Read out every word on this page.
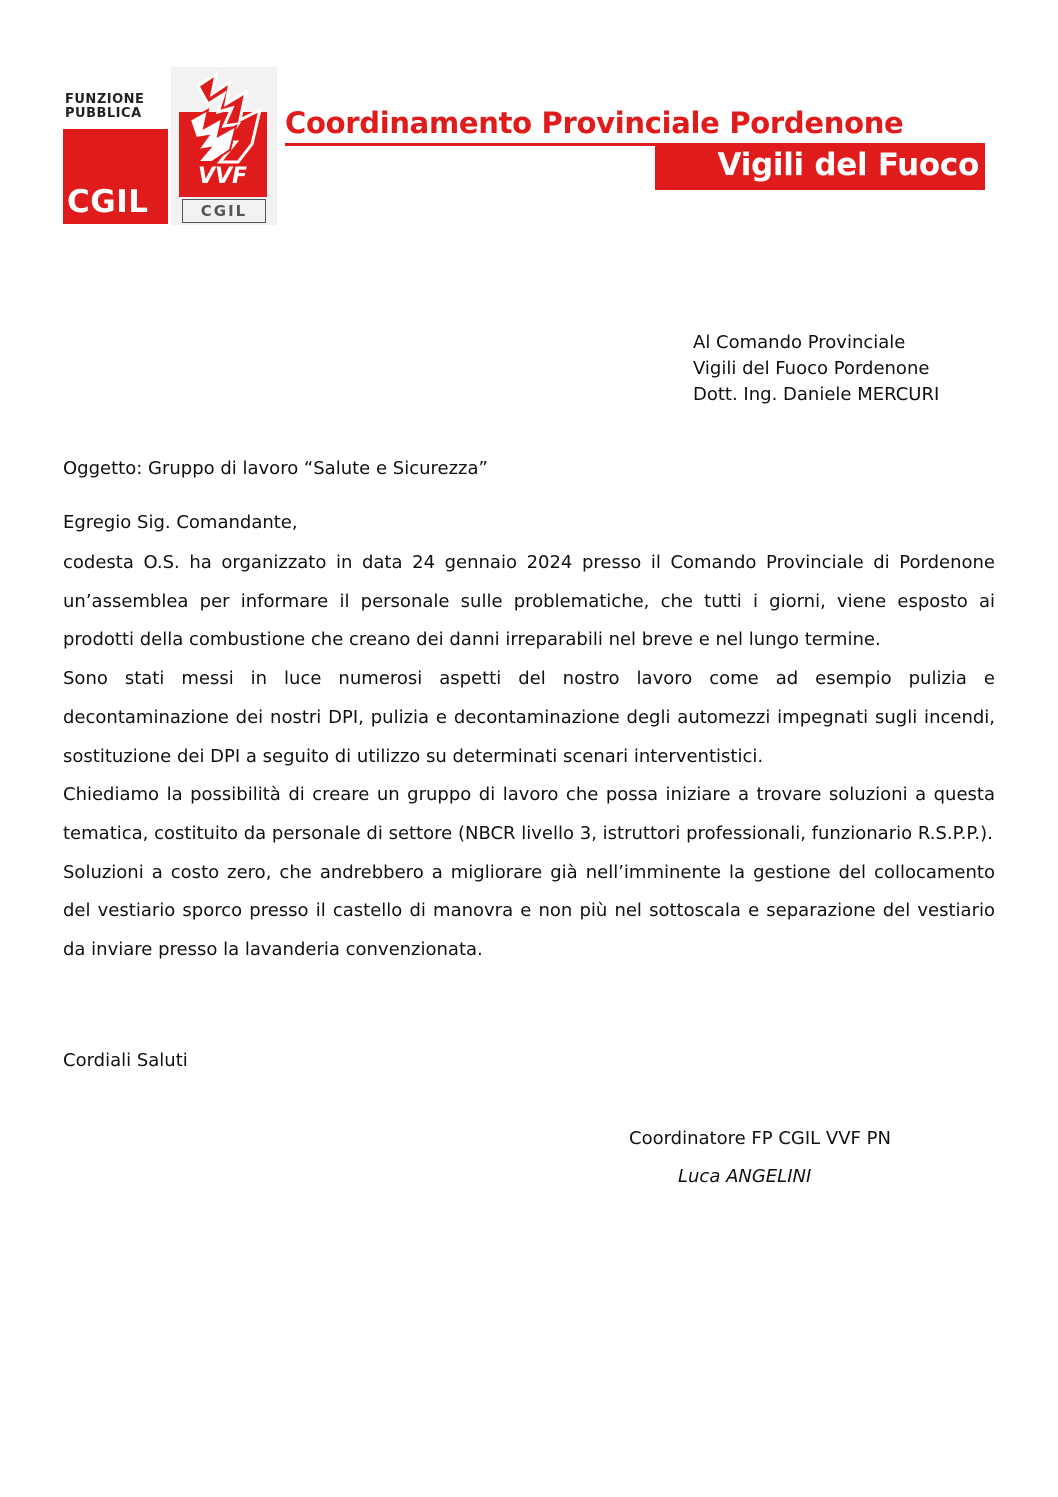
FUNZIONE
PUBBLICA
CGIL
VVF
CGIL
Coordinamento Provinciale Pordenone
Vigili del Fuoco
Al Comando Provinciale
Vigili del Fuoco Pordenone
Dott. Ing. Daniele MERCURI
Oggetto: Gruppo di lavoro “Salute e Sicurezza”
Egregio Sig. Comandante,

codesta O.S. ha organizzato in data 24 gennaio 2024 presso il Comando Provinciale di Pordenone un’assemblea per informare il personale sulle problematiche, che tutti i giorni, viene esposto ai prodotti della combustione che creano dei danni irreparabili nel breve e nel lungo termine.

Sono stati messi in luce numerosi aspetti del nostro lavoro come ad esempio pulizia e decontaminazione dei nostri DPI, pulizia e decontaminazione degli automezzi impegnati sugli incendi, sostituzione dei DPI a seguito di utilizzo su determinati scenari interventistici.

Chiediamo la possibilità di creare un gruppo di lavoro che possa iniziare a trovare soluzioni a questa tematica, costituito da personale di settore (NBCR livello 3, istruttori professionali, funzionario R.S.P.P.).

Soluzioni a costo zero, che andrebbero a migliorare già nell’imminente la gestione del collocamento del vestiario sporco presso il castello di manovra e non più nel sottoscala e separazione del vestiario da inviare presso la lavanderia convenzionata.

Cordiali Saluti
Coordinatore FP CGIL VVF PN
Luca ANGELINI
